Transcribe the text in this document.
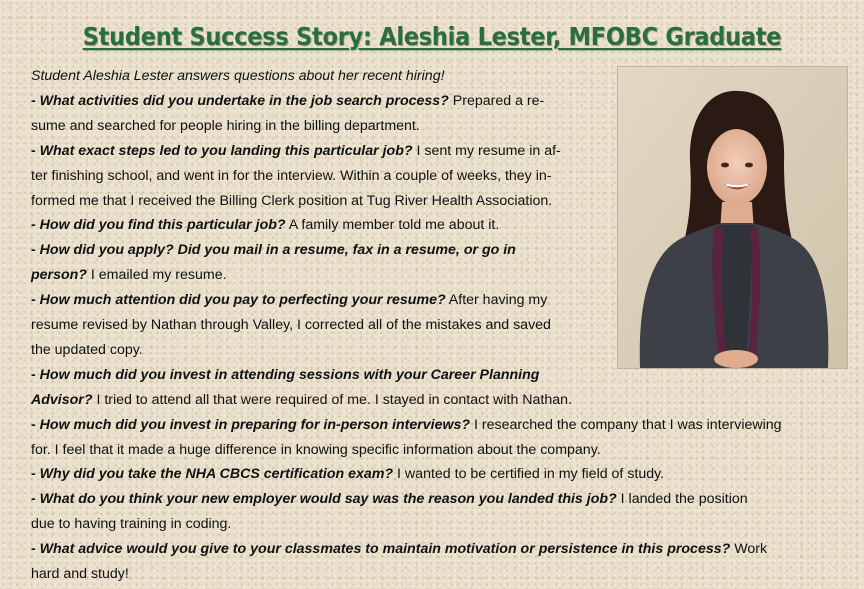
Student Success Story: Aleshia Lester, MFOBC Graduate
Student Aleshia Lester answers questions about her recent hiring!
- What activities did you undertake in the job search process? Prepared a re-
sume and searched for people hiring in the billing department.
- What exact steps led to you landing this particular job? I sent my resume in af-
ter finishing school, and went in for the interview. Within a couple of weeks, they in-
formed me that I received the Billing Clerk position at Tug River Health Association.
- How did you find this particular job? A family member told me about it.
- How did you apply? Did you mail in a resume, fax in a resume, or go in
person? I emailed my resume.
- How much attention did you pay to perfecting your resume? After having my
resume revised by Nathan through Valley, I corrected all of the mistakes and saved
the updated copy.
- How much did you invest in attending sessions with your Career Planning
Advisor? I tried to attend all that were required of me. I stayed in contact with Nathan.
- How much did you invest in preparing for in-person interviews? I researched the company that I was interviewing
for. I feel that it made a huge difference in knowing specific information about the company.
- Why did you take the NHA CBCS certification exam? I wanted to be certified in my field of study.
- What do you think your new employer would say was the reason you landed this job? I landed the position
due to having training in coding.
- What advice would you give to your classmates to maintain motivation or persistence in this process? Work
hard and study!
